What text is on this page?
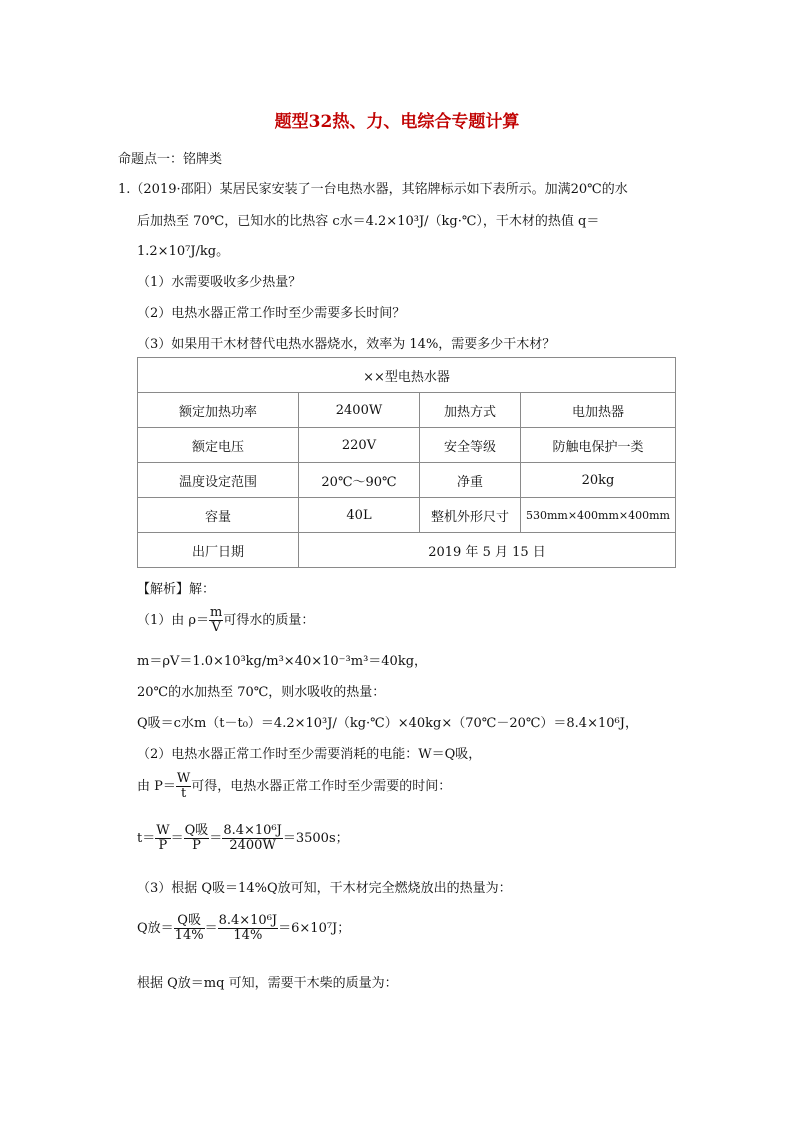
题型32热、力、电综合专题计算
命题点一：铭牌类
1.（2019·邵阳）某居民家安装了一台电热水器，其铭牌标示如下表所示。加满20℃的水
后加热至 70℃，已知水的比热容 c水＝4.2×10³J/（kg·℃），干木材的热值 q＝
1.2×10⁷J/kg。
（1）水需要吸收多少热量？
（2）电热水器正常工作时至少需要多长时间？
（3）如果用干木材替代电热水器烧水，效率为 14%，需要多少干木材？
××型电热水器			
额定加热功率	2400W	加热方式	电加热器
额定电压	220V	安全等级	防触电保护一类
温度设定范围	20℃～90℃	净重	20kg
容量	40L	整机外形尺寸	530mm×400mm×400mm
出厂日期	2019 年 5 月 15 日		
【解析】解：
（1）由 $\rho= \frac{m}{V}$ 可得水的质量：
m＝ρV＝1.0×10³kg/m³×40×10⁻³m³＝40kg，
20℃的水加热至 70℃，则水吸收的热量：
Q吸＝c水m（t－t₀）＝4.2×10³J/（kg·℃）×40kg×（70℃－20℃）＝8.4×10⁶J，
（2）电热水器正常工作时至少需要消耗的电能：W＝Q吸，
由 $P= \frac{W}{t}$ 可得，电热水器正常工作时至少需要的时间：
$t= \frac{W}{P} = \frac{\text{Q吸}}{P} = \frac{\text{8.4×10⁶J}}{2400W} =3500s$；
（3）根据 Q吸＝14%Q放可知，干木材完全燃烧放出的热量为：
Q放＝ $\frac{\text{Q吸}}{14\%} = \frac{\text{8.4×10⁶J}}{14\%} =6\times 10^7J$；
根据 Q放＝mq 可知，需要干木柴的质量为：
